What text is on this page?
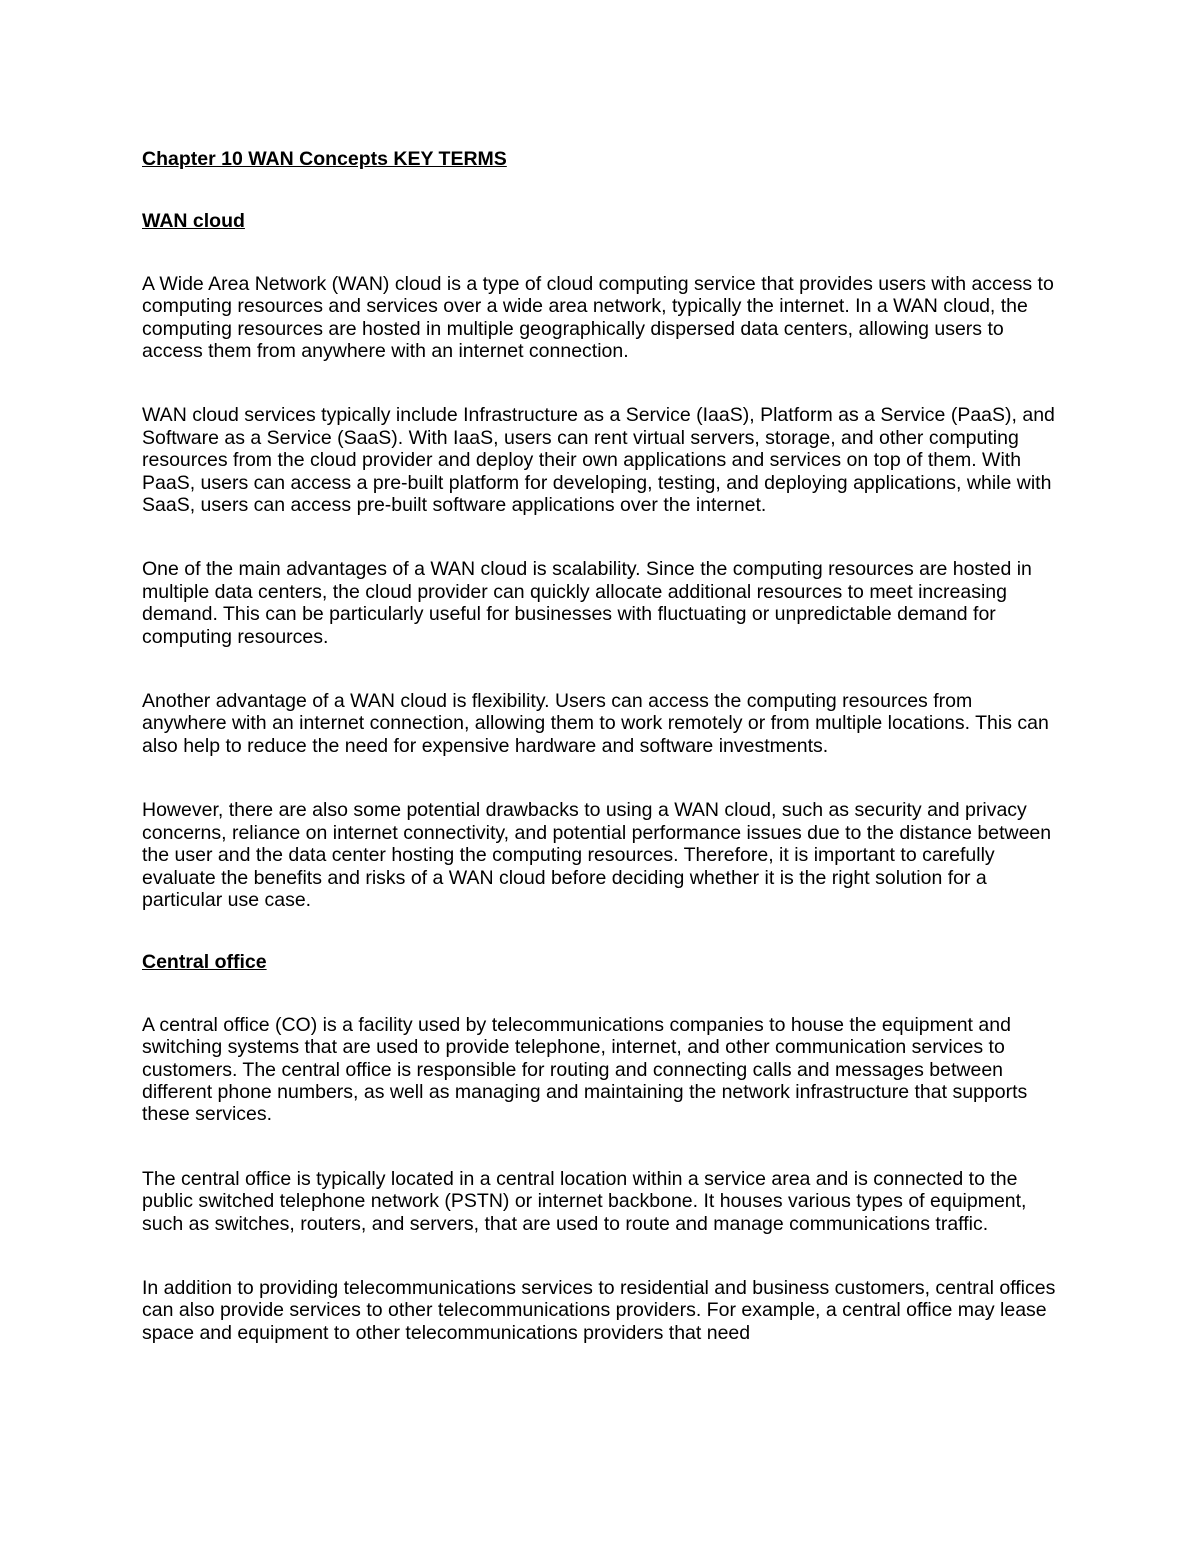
Chapter 10 WAN Concepts KEY TERMS

WAN cloud

A Wide Area Network (WAN) cloud is a type of cloud computing service that provides users with access to computing resources and services over a wide area network, typically the internet. In a WAN cloud, the computing resources are hosted in multiple geographically dispersed data centers, allowing users to access them from anywhere with an internet connection.

WAN cloud services typically include Infrastructure as a Service (IaaS), Platform as a Service (PaaS), and Software as a Service (SaaS). With IaaS, users can rent virtual servers, storage, and other computing resources from the cloud provider and deploy their own applications and services on top of them. With PaaS, users can access a pre-built platform for developing, testing, and deploying applications, while with SaaS, users can access pre-built software applications over the internet.

One of the main advantages of a WAN cloud is scalability. Since the computing resources are hosted in multiple data centers, the cloud provider can quickly allocate additional resources to meet increasing demand. This can be particularly useful for businesses with fluctuating or unpredictable demand for computing resources.

Another advantage of a WAN cloud is flexibility. Users can access the computing resources from anywhere with an internet connection, allowing them to work remotely or from multiple locations. This can also help to reduce the need for expensive hardware and software investments.

However, there are also some potential drawbacks to using a WAN cloud, such as security and privacy concerns, reliance on internet connectivity, and potential performance issues due to the distance between the user and the data center hosting the computing resources. Therefore, it is important to carefully evaluate the benefits and risks of a WAN cloud before deciding whether it is the right solution for a particular use case.

Central office

A central office (CO) is a facility used by telecommunications companies to house the equipment and switching systems that are used to provide telephone, internet, and other communication services to customers. The central office is responsible for routing and connecting calls and messages between different phone numbers, as well as managing and maintaining the network infrastructure that supports these services.

The central office is typically located in a central location within a service area and is connected to the public switched telephone network (PSTN) or internet backbone. It houses various types of equipment, such as switches, routers, and servers, that are used to route and manage communications traffic.

In addition to providing telecommunications services to residential and business customers, central offices can also provide services to other telecommunications providers. For example, a central office may lease space and equipment to other telecommunications providers that need
